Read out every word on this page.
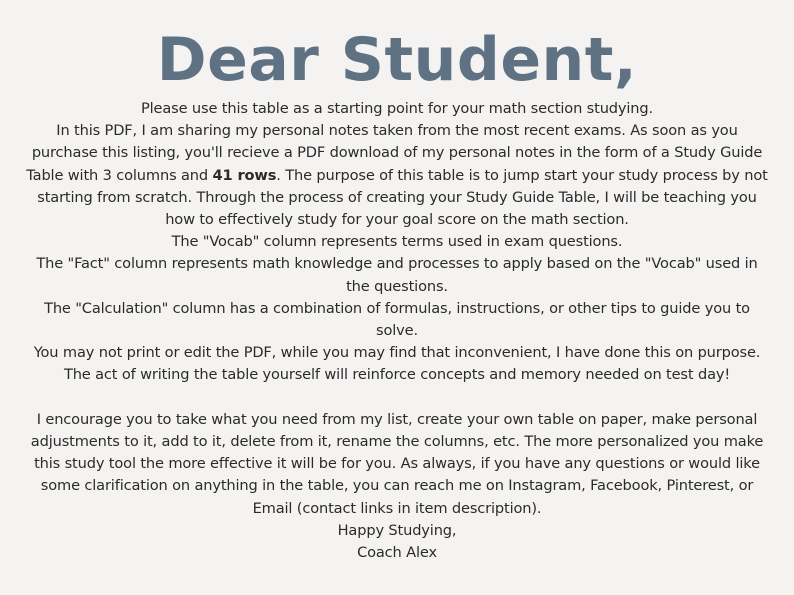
Dear Student,
Please use this table as a starting point for your math section studying.
In this PDF, I am sharing my personal notes taken from the most recent exams. As soon as you
purchase this listing, you'll recieve a PDF download of my personal notes in the form of a Study Guide
Table with 3 columns and 41 rows. The purpose of this table is to jump start your study process by not
starting from scratch. Through the process of creating your Study Guide Table, I will be teaching you
how to effectively study for your goal score on the math section.
The "Vocab" column represents terms used in exam questions.
The "Fact" column represents math knowledge and processes to apply based on the "Vocab" used in
the questions.
The "Calculation" column has a combination of formulas, instructions, or other tips to guide you to
solve.
You may not print or edit the PDF, while you may find that inconvenient, I have done this on purpose.
The act of writing the table yourself will reinforce concepts and memory needed on test day!
I encourage you to take what you need from my list, create your own table on paper, make personal
adjustments to it, add to it, delete from it, rename the columns, etc. The more personalized you make
this study tool the more effective it will be for you. As always, if you have any questions or would like
some clarification on anything in the table, you can reach me on Instagram, Facebook, Pinterest, or
Email (contact links in item description).
Happy Studying,
Coach Alex
